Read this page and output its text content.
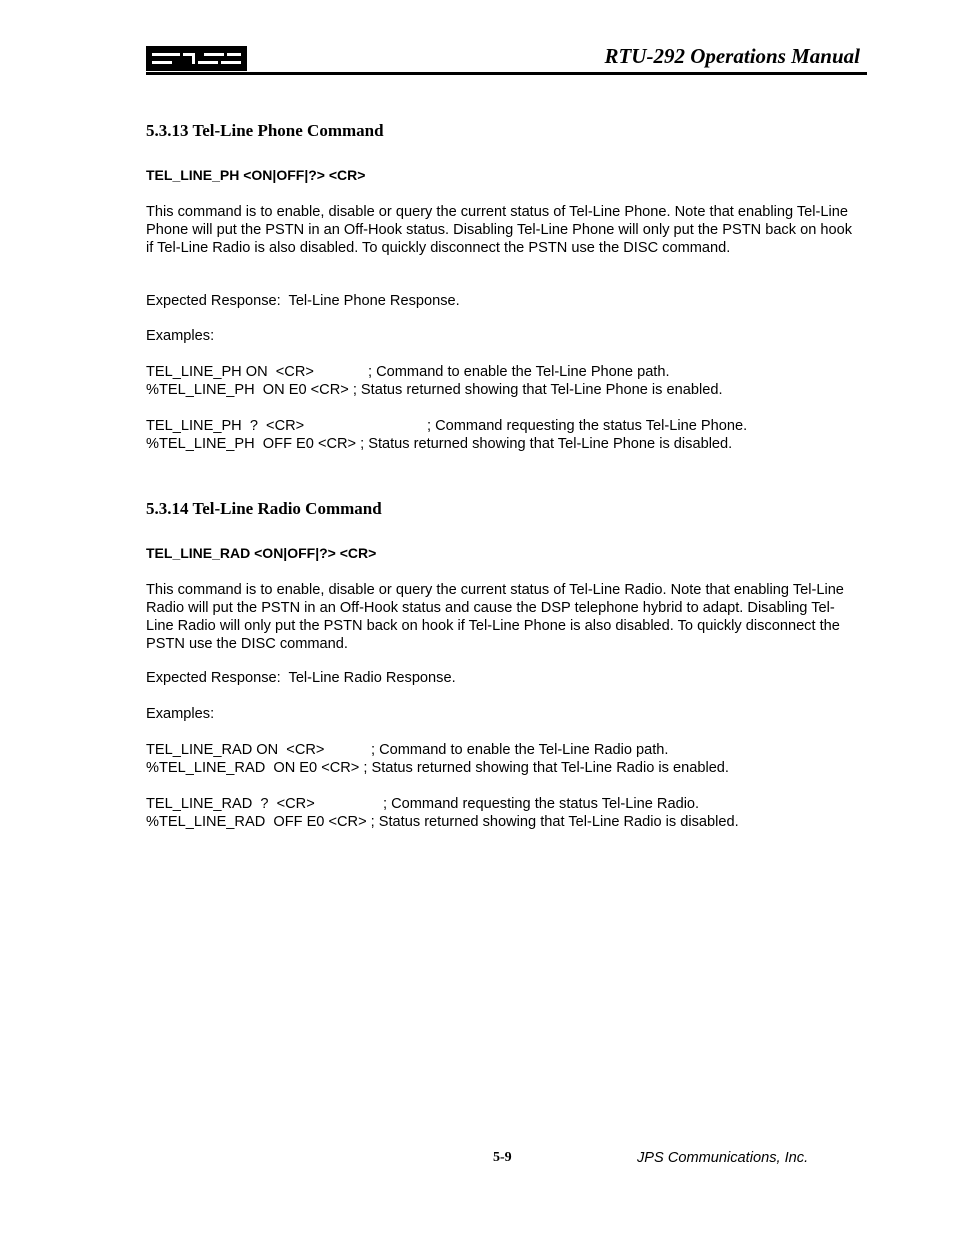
RTU-292 Operations Manual
5.3.13 Tel-Line Phone Command
TEL_LINE_PH <ON|OFF|?> <CR>
This command is to enable, disable or query the current status of Tel-Line Phone. Note that enabling Tel-Line Phone will put the PSTN in an Off-Hook status. Disabling Tel-Line Phone will only put the PSTN back on hook if Tel-Line Radio is also disabled. To quickly disconnect the PSTN use the DISC command.
Expected Response:  Tel-Line Phone Response.
Examples:
TEL_LINE_PH ON  <CR>	; Command to enable the Tel-Line Phone path.
%TEL_LINE_PH  ON E0 <CR> ; Status returned showing that Tel-Line Phone is enabled.
TEL_LINE_PH  ?  <CR>	; Command requesting the status Tel-Line Phone.
%TEL_LINE_PH  OFF E0 <CR> ; Status returned showing that Tel-Line Phone is disabled.
5.3.14 Tel-Line Radio Command
TEL_LINE_RAD <ON|OFF|?> <CR>
This command is to enable, disable or query the current status of Tel-Line Radio. Note that enabling Tel-Line Radio will put the PSTN in an Off-Hook status and cause the DSP telephone hybrid to adapt. Disabling Tel-Line Radio will only put the PSTN back on hook if Tel-Line Phone is also disabled. To quickly disconnect the PSTN use the DISC command.
Expected Response:  Tel-Line Radio Response.
Examples:
TEL_LINE_RAD ON  <CR>	; Command to enable the Tel-Line Radio path.
%TEL_LINE_RAD  ON E0 <CR> ; Status returned showing that Tel-Line Radio is enabled.
TEL_LINE_RAD  ?  <CR>	; Command requesting the status Tel-Line Radio.
%TEL_LINE_RAD  OFF E0 <CR> ; Status returned showing that Tel-Line Radio is disabled.
5-9	JPS Communications, Inc.
